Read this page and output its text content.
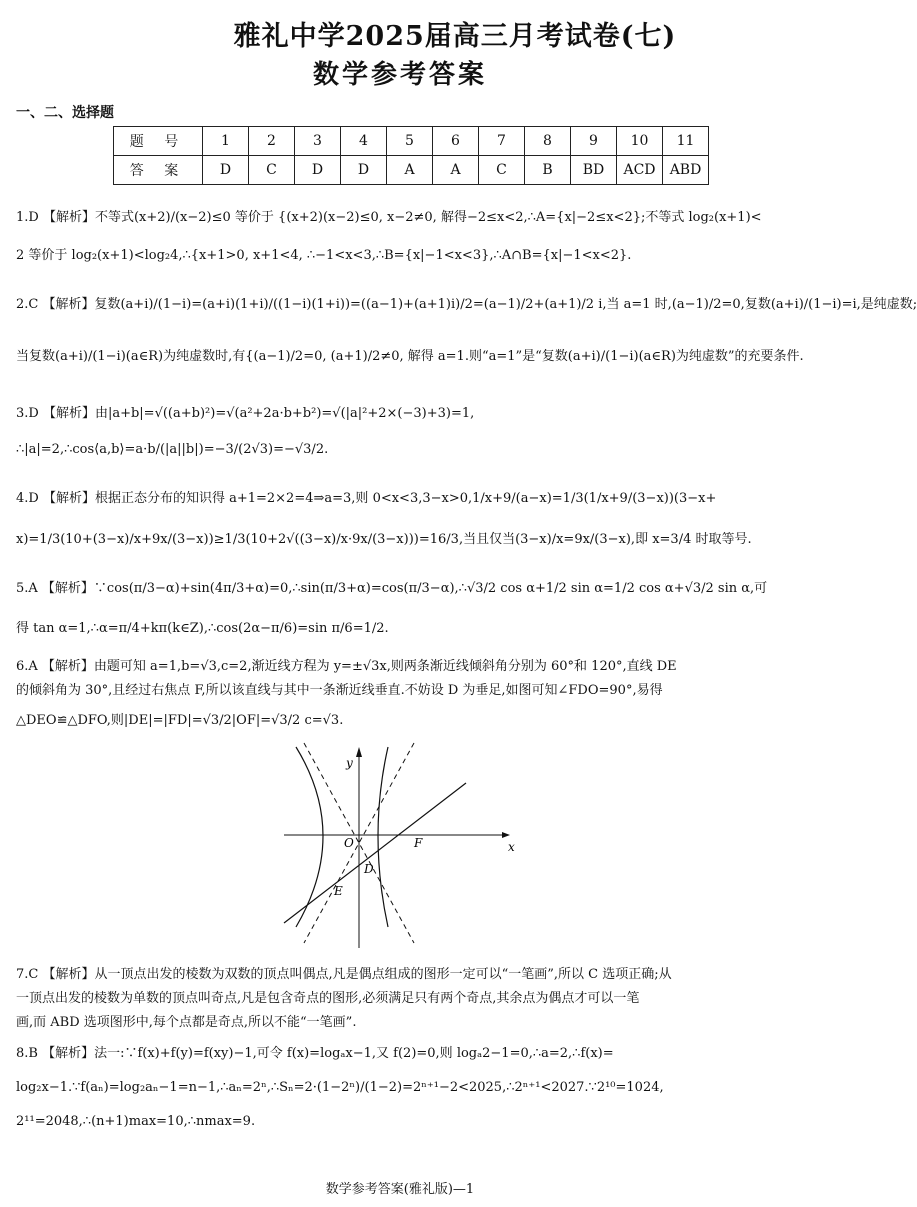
雅礼中学2025届高三月考试卷(七)
数学参考答案
一、二、选择题
题 号	1	2	3	4	5	6	7	8	9	10	11
答 案	D	C	D	D	A	A	C	B	BD	ACD	ABD
1.D 【解析】不等式(x+2)/(x−2)≤0 等价于 {(x+2)(x−2)≤0, x−2≠0, 解得−2≤x<2,∴A={x|−2≤x<2};不等式 log₂(x+1)<
2 等价于 log₂(x+1)<log₂4,∴{x+1>0, x+1<4, ∴−1<x<3,∴B={x|−1<x<3},∴A∩B={x|−1<x<2}.
2.C 【解析】复数(a+i)/(1−i)=(a+i)(1+i)/((1−i)(1+i))=((a−1)+(a+1)i)/2=(a−1)/2+(a+1)/2 i,当 a=1 时,(a−1)/2=0,复数(a+i)/(1−i)=i,是纯虚数;
当复数(a+i)/(1−i)(a∈R)为纯虚数时,有{(a−1)/2=0, (a+1)/2≠0, 解得 a=1.则“a=1”是“复数(a+i)/(1−i)(a∈R)为纯虚数”的充要条件.
3.D 【解析】由|a+b|=√((a+b)²)=√(a²+2a·b+b²)=√(|a|²+2×(−3)+3)=1,
∴|a|=2,∴cos⟨a,b⟩=a·b/(|a||b|)=−3/(2√3)=−√3/2.
4.D 【解析】根据正态分布的知识得 a+1=2×2=4⇒a=3,则 0<x<3,3−x>0,1/x+9/(a−x)=1/3(1/x+9/(3−x))(3−x+
x)=1/3(10+(3−x)/x+9x/(3−x))≥1/3(10+2√((3−x)/x·9x/(3−x)))=16/3,当且仅当(3−x)/x=9x/(3−x),即 x=3/4 时取等号.
5.A 【解析】∵cos(π/3−α)+sin(4π/3+α)=0,∴sin(π/3+α)=cos(π/3−α),∴√3/2 cos α+1/2 sin α=1/2 cos α+√3/2 sin α,可
得 tan α=1,∴α=π/4+kπ(k∈Z),∴cos(2α−π/6)=sin π/6=1/2.
6.A 【解析】由题可知 a=1,b=√3,c=2,渐近线方程为 y=±√3x,则两条渐近线倾斜角分别为 60°和 120°,直线 DE
的倾斜角为 30°,且经过右焦点 F,所以该直线与其中一条渐近线垂直.不妨设 D 为垂足,如图可知∠FDO=90°,易得
△DEO≌△DFO,则|DE|=|FD|=√3/2|OF|=√3/2 c=√3.
y
x
O	F
D
E
7.C 【解析】从一顶点出发的棱数为双数的顶点叫偶点,凡是偶点组成的图形一定可以“一笔画”,所以 C 选项正确;从
一顶点出发的棱数为单数的顶点叫奇点,凡是包含奇点的图形,必须满足只有两个奇点,其余点为偶点才可以一笔
画,而 ABD 选项图形中,每个点都是奇点,所以不能“一笔画”.
8.B 【解析】法一:∵f(x)+f(y)=f(xy)−1,可令 f(x)=logₐx−1,又 f(2)=0,则 logₐ2−1=0,∴a=2,∴f(x)=
log₂x−1.∵f(aₙ)=log₂aₙ−1=n−1,∴aₙ=2ⁿ,∴Sₙ=2·(1−2ⁿ)/(1−2)=2ⁿ⁺¹−2<2025,∴2ⁿ⁺¹<2027.∵2¹⁰=1024,
2¹¹=2048,∴(n+1)max=10,∴nmax=9.
数学参考答案(雅礼版)—1
